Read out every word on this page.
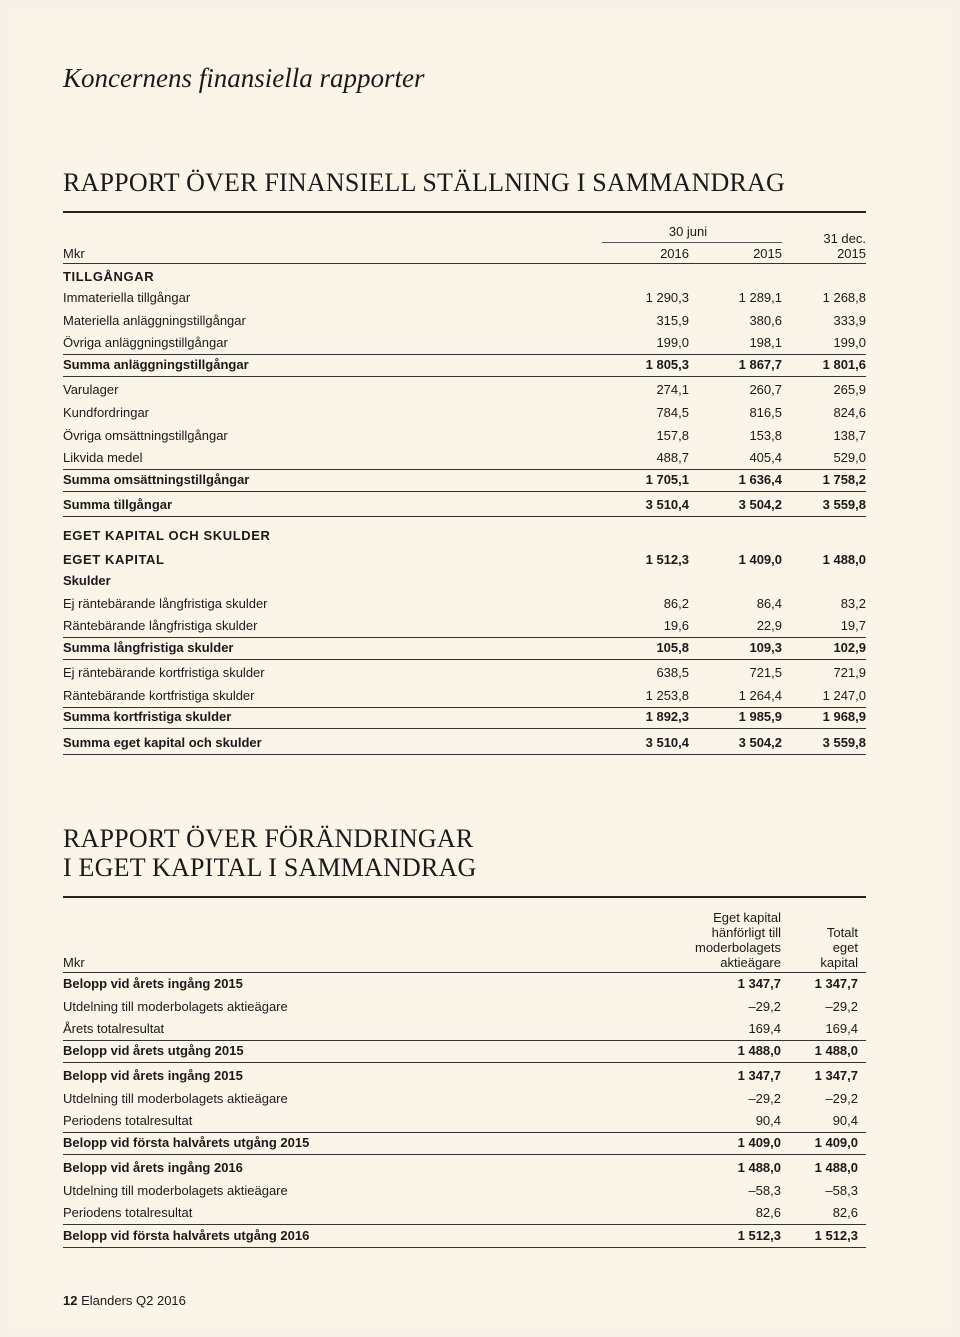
Koncernens finansiella rapporter
RAPPORT ÖVER FINANSIELL STÄLLNING I SAMMANDRAG
30 juni
Mkr	2016	2015
31 dec.
2015
TILLGÅNGAR
Immateriella tillgångar	1 290,3	1 289,1	1 268,8
Materiella anläggningstillgångar	315,9	380,6	333,9
Övriga anläggningstillgångar	199,0	198,1	199,0
Summa anläggningstillgångar	1 805,3	1 867,7	1 801,6
Varulager	274,1	260,7	265,9
Kundfordringar	784,5	816,5	824,6
Övriga omsättningstillgångar	157,8	153,8	138,7
Likvida medel	488,7	405,4	529,0
Summa omsättningstillgångar	1 705,1	1 636,4	1 758,2
Summa tillgångar	3 510,4	3 504,2	3 559,8
EGET KAPITAL OCH SKULDER
EGET KAPITAL	1 512,3	1 409,0	1 488,0
Skulder
Ej räntebärande långfristiga skulder	86,2	86,4	83,2
Räntebärande långfristiga skulder	19,6	22,9	19,7
Summa långfristiga skulder	105,8	109,3	102,9
Ej räntebärande kortfristiga skulder	638,5	721,5	721,9
Räntebärande kortfristiga skulder	1 253,8	1 264,4	1 247,0
Summa kortfristiga skulder	1 892,3	1 985,9	1 968,9
Summa eget kapital och skulder	3 510,4	3 504,2	3 559,8
RAPPORT ÖVER FÖRÄNDRINGAR
I EGET KAPITAL I SAMMANDRAG
Mkr
Eget kapital
hänförligt till
moderbolagets
aktieägare
Totalt
eget
kapital
Belopp vid årets ingång 2015	1 347,7	1 347,7
Utdelning till moderbolagets aktieägare	–29,2	–29,2
Årets totalresultat	169,4	169,4
Belopp vid årets utgång 2015	1 488,0	1 488,0
Belopp vid årets ingång 2015	1 347,7	1 347,7
Utdelning till moderbolagets aktieägare	–29,2	–29,2
Periodens totalresultat	90,4	90,4
Belopp vid första halvårets utgång 2015	1 409,0	1 409,0
Belopp vid årets ingång 2016	1 488,0	1 488,0
Utdelning till moderbolagets aktieägare	–58,3	–58,3
Periodens totalresultat	82,6	82,6
Belopp vid första halvårets utgång 2016	1 512,3	1 512,3
12 Elanders Q2 2016
